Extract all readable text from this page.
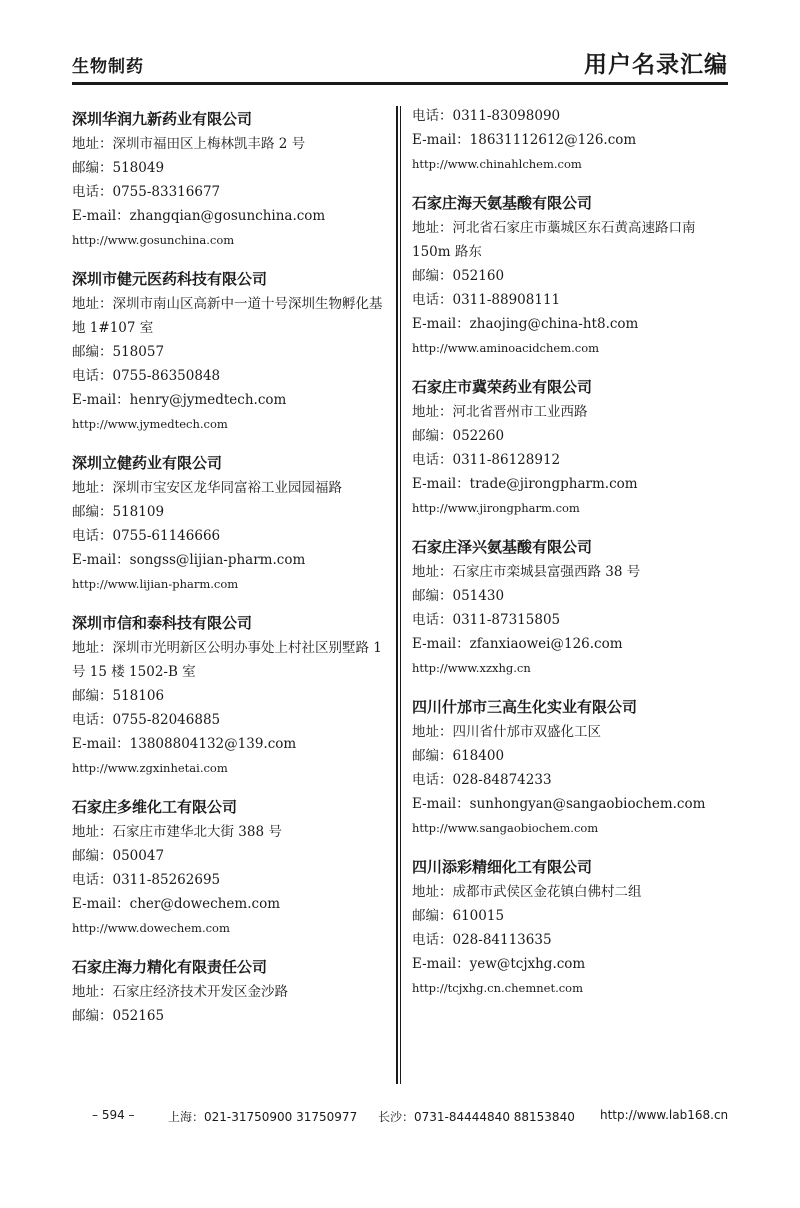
生物制药	用户名录汇编
深圳华润九新药业有限公司
地址：深圳市福田区上梅林凯丰路 2 号
邮编：518049
电话：0755-83316677
E-mail：zhangqian@gosunchina.com
http://www.gosunchina.com
深圳市健元医药科技有限公司
地址：深圳市南山区高新中一道十号深圳生物孵化基地 1#107 室
邮编：518057
电话：0755-86350848
E-mail：henry@jymedtech.com
http://www.jymedtech.com
深圳立健药业有限公司
地址：深圳市宝安区龙华同富裕工业园园福路
邮编：518109
电话：0755-61146666
E-mail：songss@lijian-pharm.com
http://www.lijian-pharm.com
深圳市信和泰科技有限公司
地址：深圳市光明新区公明办事处上村社区别墅路 1 号 15 楼 1502-B 室
邮编：518106
电话：0755-82046885
E-mail：13808804132@139.com
http://www.zgxinhetai.com
石家庄多维化工有限公司
地址：石家庄市建华北大街 388 号
邮编：050047
电话：0311-85262695
E-mail：cher@dowechem.com
http://www.dowechem.com
石家庄海力精化有限责任公司
地址：石家庄经济技术开发区金沙路
邮编：052165
电话：0311-83098090
E-mail：18631112612@126.com
http://www.chinahlchem.com
石家庄海天氨基酸有限公司
地址：河北省石家庄市藁城区东石黄高速路口南 150m 路东
邮编：052160
电话：0311-88908111
E-mail：zhaojing@china-ht8.com
http://www.aminoacidchem.com
石家庄市冀荣药业有限公司
地址：河北省晋州市工业西路
邮编：052260
电话：0311-86128912
E-mail：trade@jirongpharm.com
http://www.jirongpharm.com
石家庄泽兴氨基酸有限公司
地址：石家庄市栾城县富强西路 38 号
邮编：051430
电话：0311-87315805
E-mail：zfanxiaowei@126.com
http://www.xzxhg.cn
四川什邡市三高生化实业有限公司
地址：四川省什邡市双盛化工区
邮编：618400
电话：028-84874233
E-mail：sunhongyan@sangaobiochem.com
http://www.sangaobiochem.com
四川添彩精细化工有限公司
地址：成都市武侯区金花镇白佛村二组
邮编：610015
电话：028-84113635
E-mail：yew@tcjxhg.com
http://tcjxhg.cn.chemnet.com
– 594 –	上海：021-31750900 31750977 长沙：0731-84444840 88153840 http://www.lab168.cn
